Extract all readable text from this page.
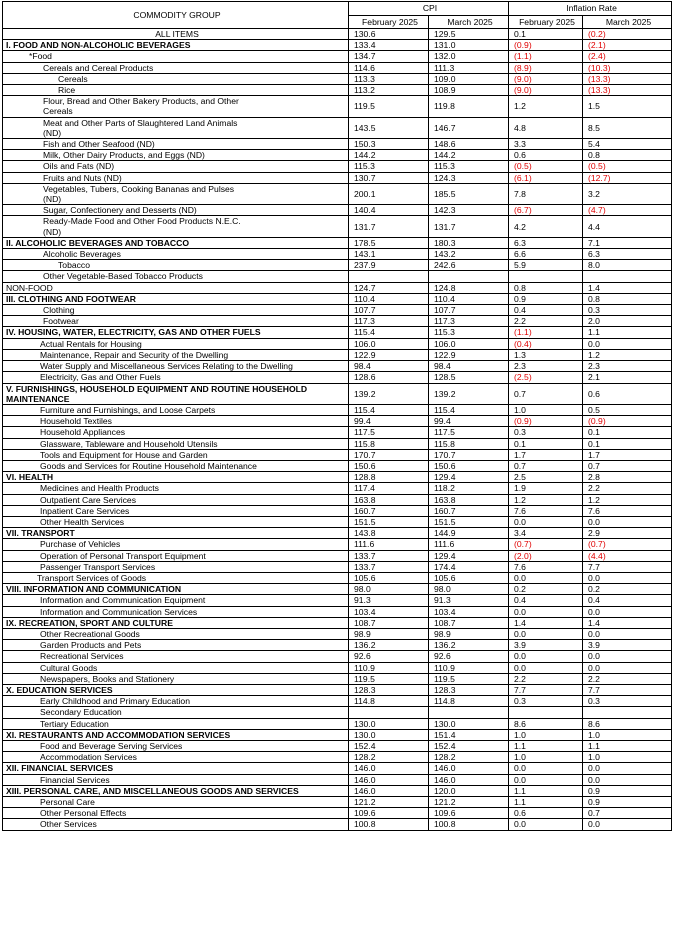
COMMODITY GROUP	CPI		Inflation Rate	
	February 2025	March 2025	February 2025	March 2025
ALL ITEMS	130.6	129.5	0.1	(0.2)
I. FOOD AND NON-ALCOHOLIC BEVERAGES	133.4	131.0	(0.9)	(2.1)
*Food	134.7	132.0	(1.1)	(2.4)
Cereals and Cereal Products	114.6	111.3	(8.9)	(10.3)
Cereals	113.3	109.0	(9.0)	(13.3)
Rice	113.2	108.9	(9.0)	(13.3)
Flour, Bread and Other Bakery Products, and Other Cereals	119.5	119.8	1.2	1.5
Meat and Other Parts of Slaughtered Land Animals (ND)	143.5	146.7	4.8	8.5
Fish and Other Seafood (ND)	150.3	148.6	3.3	5.4
Milk, Other Dairy Products, and Eggs (ND)	144.2	144.2	0.6	0.8
Oils and Fats (ND)	115.3	115.3	(0.5)	(0.5)
Fruits and Nuts (ND)	130.7	124.3	(6.1)	(12.7)
Vegetables, Tubers, Cooking Bananas and Pulses (ND)	200.1	185.5	7.8	3.2
Sugar, Confectionery and Desserts (ND)	140.4	142.3	(6.7)	(4.7)
Ready-Made Food and Other Food Products N.E.C. (ND)	131.7	131.7	4.2	4.4
II. ALCOHOLIC BEVERAGES AND TOBACCO	178.5	180.3	6.3	7.1
Alcoholic Beverages	143.1	143.2	6.6	6.3
Tobacco	237.9	242.6	5.9	8.0
Other Vegetable-Based Tobacco Products				
NON-FOOD	124.7	124.8	0.8	1.4
III. CLOTHING AND FOOTWEAR	110.4	110.4	0.9	0.8
Clothing	107.7	107.7	0.4	0.3
Footwear	117.3	117.3	2.2	2.0
IV. HOUSING, WATER, ELECTRICITY, GAS AND OTHER FUELS	115.4	115.3	(1.1)	1.1
Actual Rentals for Housing	106.0	106.0	(0.4)	0.0
Maintenance, Repair and Security of the Dwelling	122.9	122.9	1.3	1.2
Water Supply and Miscellaneous Services Relating to the Dwelling	98.4	98.4	2.3	2.3
Electricity, Gas and Other Fuels	128.6	128.5	(2.5)	2.1
V. FURNISHINGS, HOUSEHOLD EQUIPMENT AND ROUTINE HOUSEHOLD MAINTENANCE	139.2	139.2	0.7	0.6
Furniture and Furnishings, and Loose Carpets	115.4	115.4	1.0	0.5
Household Textiles	99.4	99.4	(0.9)	(0.9)
Household Appliances	117.5	117.5	0.3	0.1
Glassware, Tableware and Household Utensils	115.8	115.8	0.1	0.1
Tools and Equipment for House and Garden	170.7	170.7	1.7	1.7
Goods and Services for Routine Household Maintenance	150.6	150.6	0.7	0.7
VI. HEALTH	128.8	129.4	2.5	2.8
Medicines and Health Products	117.4	118.2	1.9	2.2
Outpatient Care Services	163.8	163.8	1.2	1.2
Inpatient Care Services	160.7	160.7	7.6	7.6
Other Health Services	151.5	151.5	0.0	0.0
VII. TRANSPORT	143.8	144.9	3.4	2.9
Purchase of Vehicles	111.6	111.6	(0.7)	(0.7)
Operation of Personal Transport Equipment	133.7	129.4	(2.0)	(4.4)
Passenger Transport Services	133.7	174.4	7.6	7.7
Transport Services of Goods	105.6	105.6	0.0	0.0
VIII. INFORMATION AND COMMUNICATION	98.0	98.0	0.2	0.2
Information and Communication Equipment	91.3	91.3	0.4	0.4
Information and Communication Services	103.4	103.4	0.0	0.0
IX. RECREATION, SPORT AND CULTURE	108.7	108.7	1.4	1.4
Other Recreational Goods	98.9	98.9	0.0	0.0
Garden Products and Pets	136.2	136.2	3.9	3.9
Recreational Services	92.6	92.6	0.0	0.0
Cultural Goods	110.9	110.9	0.0	0.0
Newspapers, Books and Stationery	119.5	119.5	2.2	2.2
X. EDUCATION SERVICES	128.3	128.3	7.7	7.7
Early Childhood and Primary Education	114.8	114.8	0.3	0.3
Secondary Education				
Tertiary Education	130.0	130.0	8.6	8.6
XI. RESTAURANTS AND ACCOMMODATION SERVICES	130.0	151.4	1.0	1.0
Food and Beverage Serving Services	152.4	152.4	1.1	1.1
Accommodation Services	128.2	128.2	1.0	1.0
XII. FINANCIAL SERVICES	146.0	146.0	0.0	0.0
Financial Services	146.0	146.0	0.0	0.0
XIII. PERSONAL CARE, AND MISCELLANEOUS GOODS AND SERVICES	146.0	120.0	1.1	0.9
Personal Care	121.2	121.2	1.1	0.9
Other Personal Effects	109.6	109.6	0.6	0.7
Other Services	100.8	100.8	0.0	0.0
